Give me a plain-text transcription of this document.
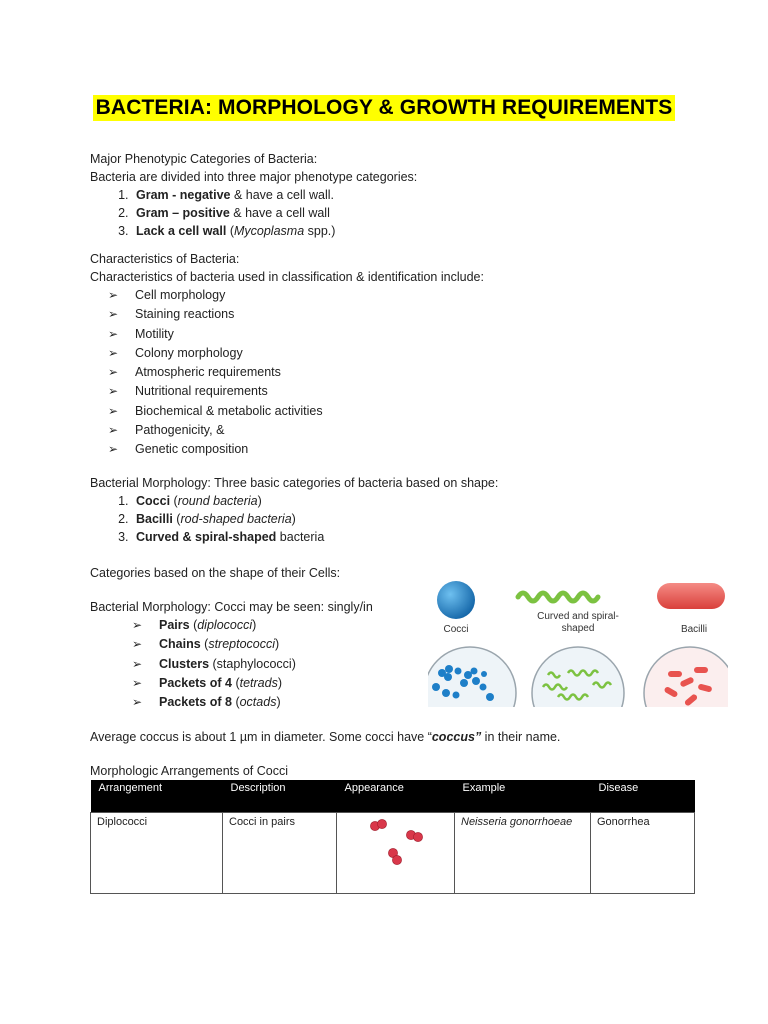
BACTERIA: MORPHOLOGY & GROWTH REQUIREMENTS

Major Phenotypic Categories of Bacteria:

Bacteria are divided into three major phenotype categories:

1. Gram - negative & have a cell wall.
2. Gram – positive & have a cell wall
3. Lack a cell wall (Mycoplasma spp.)

Characteristics of Bacteria:

Characteristics of bacteria used in classification & identification include:

➢ Cell morphology
➢ Staining reactions
➢ Motility
➢ Colony morphology
➢ Atmospheric requirements
➢ Nutritional requirements
➢ Biochemical & metabolic activities
➢ Pathogenicity, &
➢ Genetic composition

Bacterial Morphology: Three basic categories of bacteria based on shape:

1. Cocci (round bacteria)
2. Bacilli (rod-shaped bacteria)
3. Curved & spiral-shaped bacteria

Categories based on the shape of their Cells:

Bacterial Morphology: Cocci may be seen: singly/in

➢ Pairs (diplococci)
➢ Chains (streptococci)
➢ Clusters (staphylococci)
➢ Packets of 4 (tetrads)
➢ Packets of 8 (octads)
Cocci
Curved and spiral-
shaped	Bacilli

Average coccus is about 1 µm in diameter. Some cocci have “coccus” in their name.

Morphologic Arrangements of Cocci
Arrangement	Description	Appearance	Example	Disease
Diplococci	Cocci in pairs		Neisseria gonorrhoeae	Gonorrhea
